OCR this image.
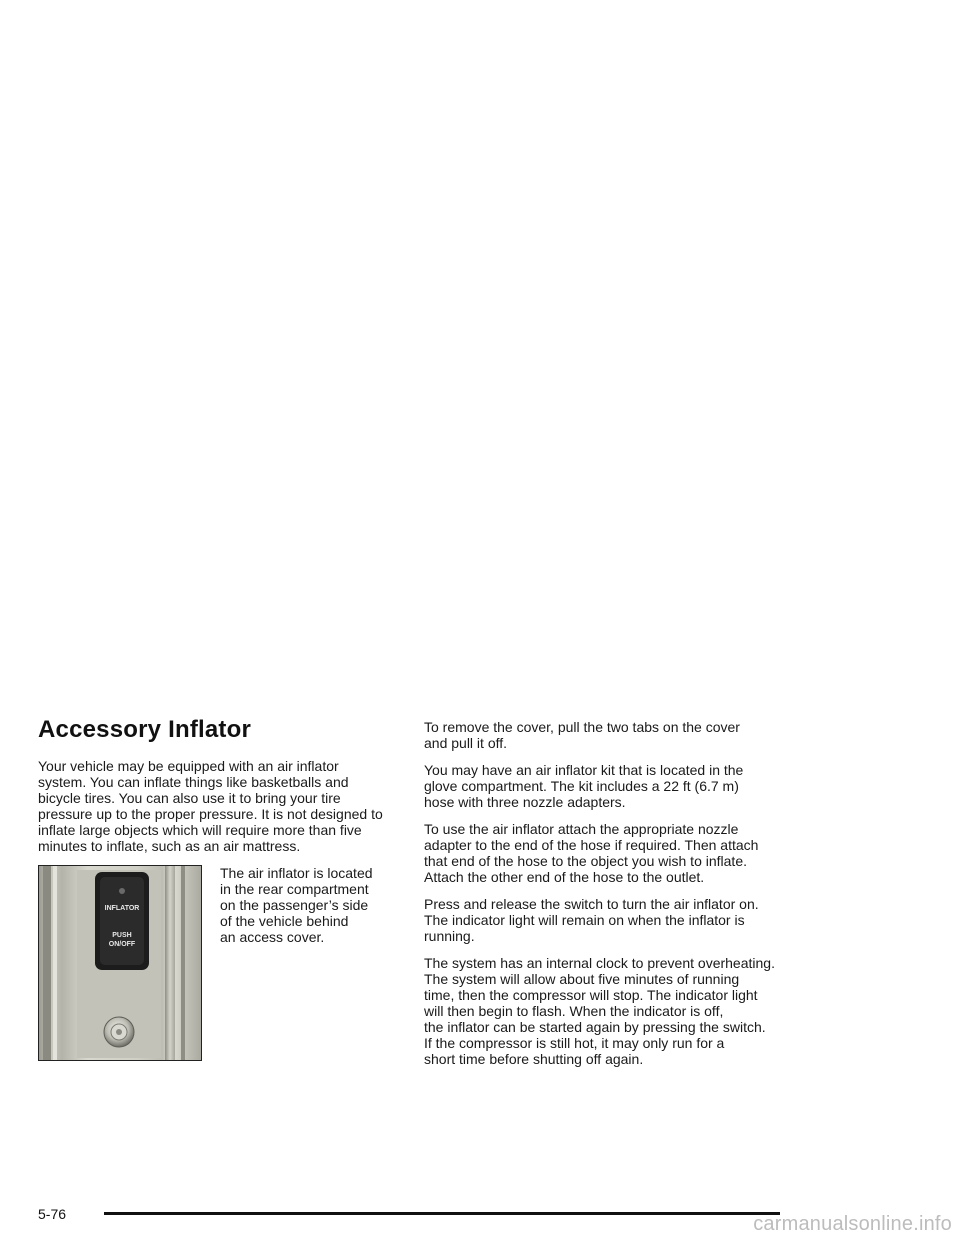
Accessory Inflator

Your vehicle may be equipped with an air inflator
system. You can inflate things like basketballs and
bicycle tires. You can also use it to bring your tire
pressure up to the proper pressure. It is not designed to
inflate large objects which will require more than five
minutes to inflate, such as an air mattress.

INFLATOR
PUSH
ON/OFF

The air inflator is located
in the rear compartment
on the passenger’s side
of the vehicle behind
an access cover.

To remove the cover, pull the two tabs on the cover
and pull it off.

You may have an air inflator kit that is located in the
glove compartment. The kit includes a 22 ft (6.7 m)
hose with three nozzle adapters.

To use the air inflator attach the appropriate nozzle
adapter to the end of the hose if required. Then attach
that end of the hose to the object you wish to inflate.
Attach the other end of the hose to the outlet.

Press and release the switch to turn the air inflator on.
The indicator light will remain on when the inflator is
running.

The system has an internal clock to prevent overheating.
The system will allow about five minutes of running
time, then the compressor will stop. The indicator light
will then begin to flash. When the indicator is off,
the inflator can be started again by pressing the switch.
If the compressor is still hot, it may only run for a
short time before shutting off again.

5-76	carmanualsonline.info
